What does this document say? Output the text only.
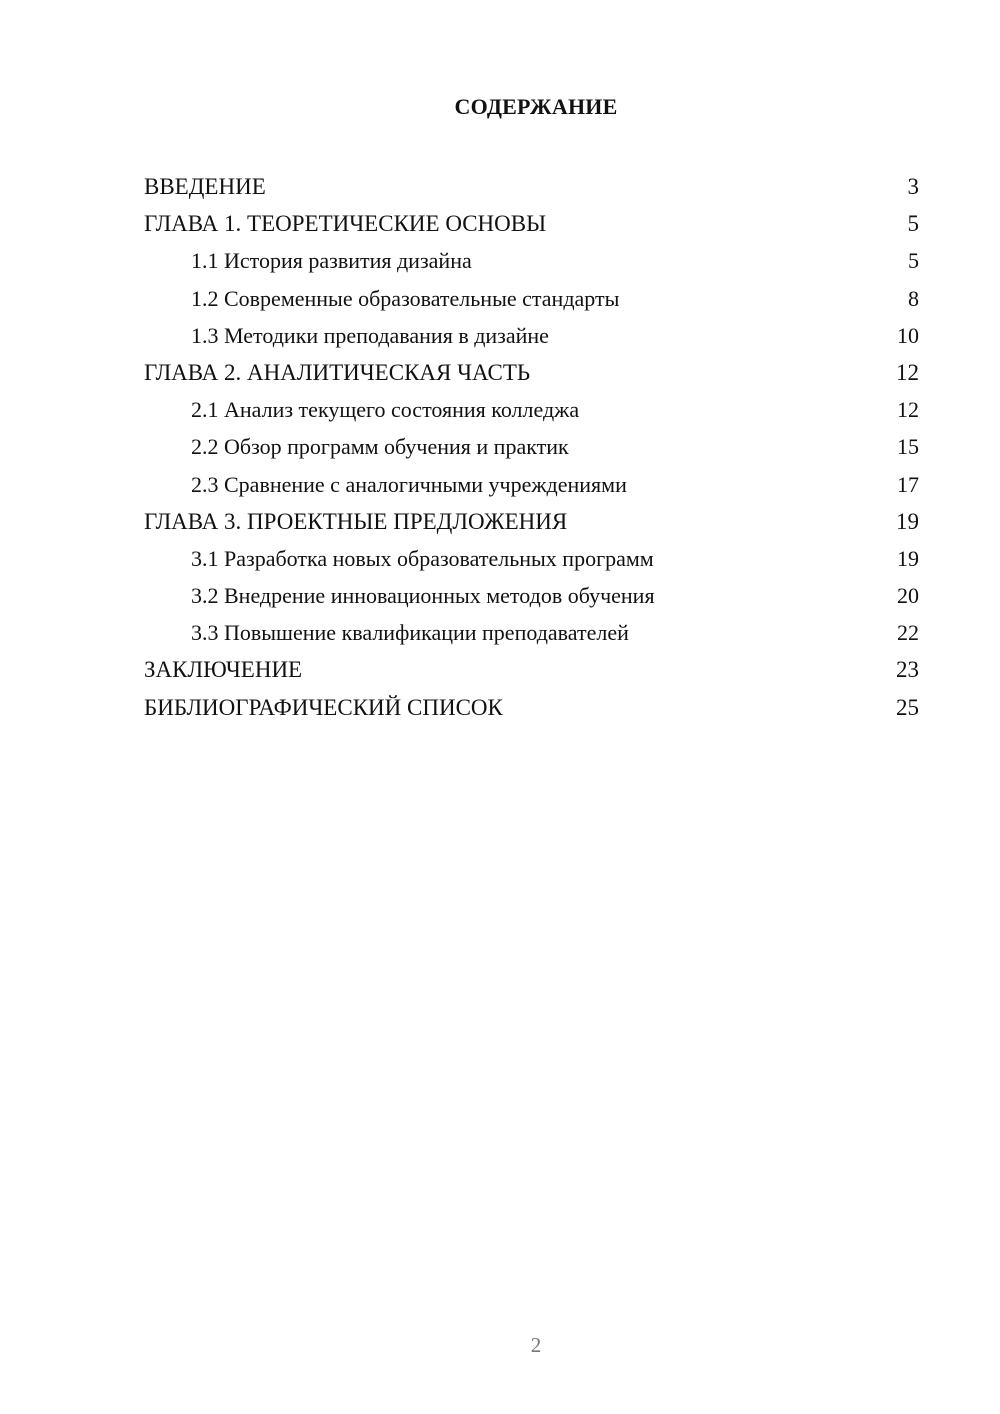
СОДЕРЖАНИЕ
ВВЕДЕНИЕ	3
ГЛАВА 1. ТЕОРЕТИЧЕСКИЕ ОСНОВЫ	5
1.1 История развития дизайна	5
1.2 Современные образовательные стандарты	8
1.3 Методики преподавания в дизайне	10
ГЛАВА 2. АНАЛИТИЧЕСКАЯ ЧАСТЬ	12
2.1 Анализ текущего состояния колледжа	12
2.2 Обзор программ обучения и практик	15
2.3 Сравнение с аналогичными учреждениями	17
ГЛАВА 3. ПРОЕКТНЫЕ ПРЕДЛОЖЕНИЯ	19
3.1 Разработка новых образовательных программ	19
3.2 Внедрение инновационных методов обучения	20
3.3 Повышение квалификации преподавателей	22
ЗАКЛЮЧЕНИЕ	23
БИБЛИОГРАФИЧЕСКИЙ СПИСОК	25
2
